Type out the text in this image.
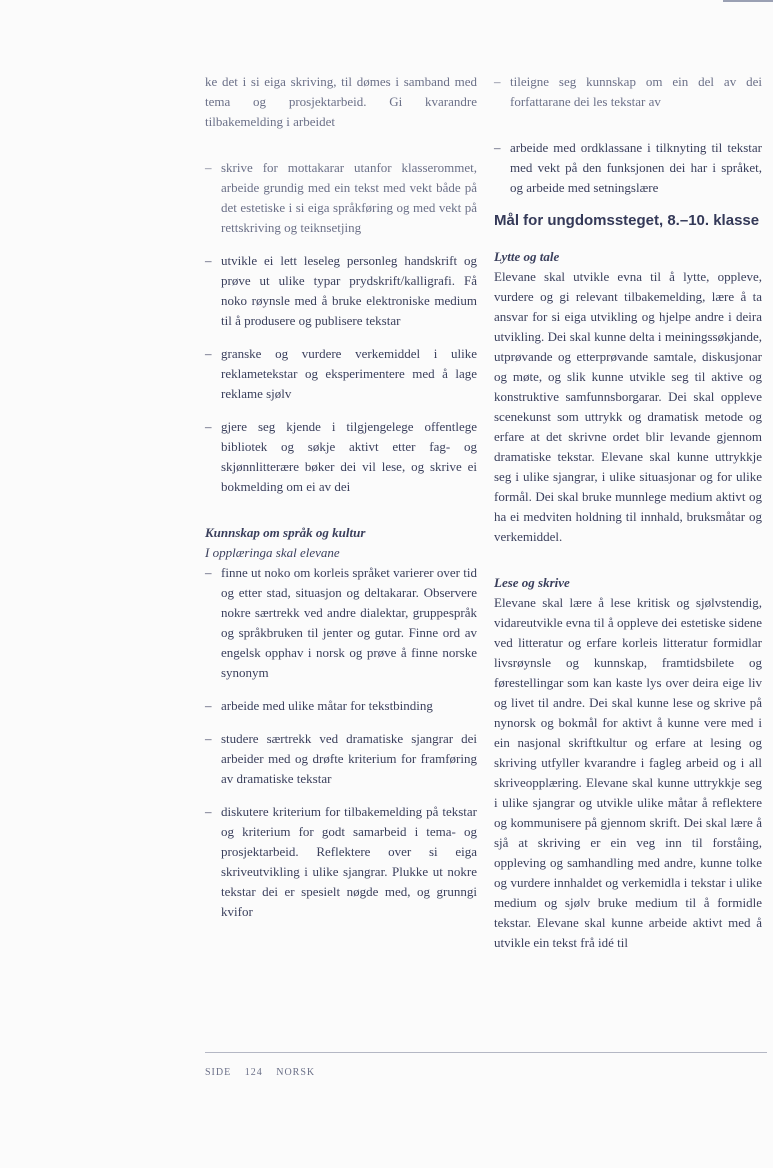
ke det i si eiga skriving, til dømes i samband med tema og prosjektarbeid. Gi kvarandre tilbakemelding i arbeidet

– skrive for mottakarar utanfor klasserommet, arbeide grundig med ein tekst med vekt både på det estetiske i si eiga språkføring og med vekt på rettskriving og teiknsetjing
– utvikle ei lett leseleg personleg handskrift og prøve ut ulike typar prydskrift/kalligrafi. Få noko røynsle med å bruke elektroniske medium til å produsere og publisere tekstar
– granske og vurdere verkemiddel i ulike reklametekstar og eksperimentere med å lage reklame sjølv
– gjere seg kjende i tilgjengelege offentlege bibliotek og søkje aktivt etter fag- og skjønnlitterære bøker dei vil lese, og skrive ei bokmelding om ei av dei

Kunnskap om språk og kultur

I opplæringa skal elevane

– finne ut noko om korleis språket varierer over tid og etter stad, situasjon og deltakarar. Observere nokre særtrekk ved andre dialektar, gruppespråk og språkbruken til jenter og gutar. Finne ord av engelsk opphav i norsk og prøve å finne norske synonym
– arbeide med ulike måtar for tekstbinding
– studere særtrekk ved dramatiske sjangrar dei arbeider med og drøfte kriterium for framføring av dramatiske tekstar
– diskutere kriterium for tilbakemelding på tekstar og kriterium for godt samarbeid i tema- og prosjektarbeid. Reflektere over si eiga skriveutvikling i ulike sjangrar. Plukke ut nokre tekstar dei er spesielt nøgde med, og grunngi kvifor
– tileigne seg kunnskap om ein del av dei forfattarane dei les tekstar av
– arbeide med ordklassane i tilknyting til tekstar med vekt på den funksjonen dei har i språket, og arbeide med setningslære
Mål for ungdomssteget, 8.–10. klasse

Lytte og tale

Elevane skal utvikle evna til å lytte, opplevе, vurdere og gi relevant tilbakemelding, lære å ta ansvar for si eiga utvikling og hjelpe andre i deira utvikling. Dei skal kunne delta i meiningssøkjande, utprøvande og etterprøvande samtale, diskusjonar og møte, og slik kunne utvikle seg til aktive og konstruktive samfunnsborgarar. Dei skal oppleve scenekunst som uttrykk og dramatisk metode og erfare at det skrivne ordet blir levande gjennom dramatiske tekstar. Elevane skal kunne uttrykkje seg i ulike sjangrar, i ulike situasjonar og for ulike formål. Dei skal bruke munnlege medium aktivt og ha ei medviten holdning til innhald, bruksmåtar og verkemiddel.

Lese og skrive

Elevane skal lære å lese kritisk og sjølvstendig, vidareutvikle evna til å oppleve dei estetiske sidene ved litteratur og erfare korleis litteratur formidlar livsrøynsle og kunnskap, framtidsbilete og førestellingar som kan kaste lys over deira eige liv og livet til andre. Dei skal kunne lese og skrive på nynorsk og bokmål for aktivt å kunne vere med i ein nasjonal skriftkultur og erfare at lesing og skriving utfyller kvarandre i fagleg arbeid og i all skriveopplæring. Elevane skal kunne uttrykkje seg i ulike sjangrar og utvikle ulike måtar å reflektere og kommunisere på gjennom skrift. Dei skal lære å sjå at skriving er ein veg inn til forståing, oppleving og samhandling med andre, kunne tolke og vurdere innhaldet og verkemidla i tekstar i ulike medium og sjølv bruke medium til å formidle tekstar. Elevane skal kunne arbeide aktivt med å utvikle ein tekst frå idé til

SIDE 124 NORSK
